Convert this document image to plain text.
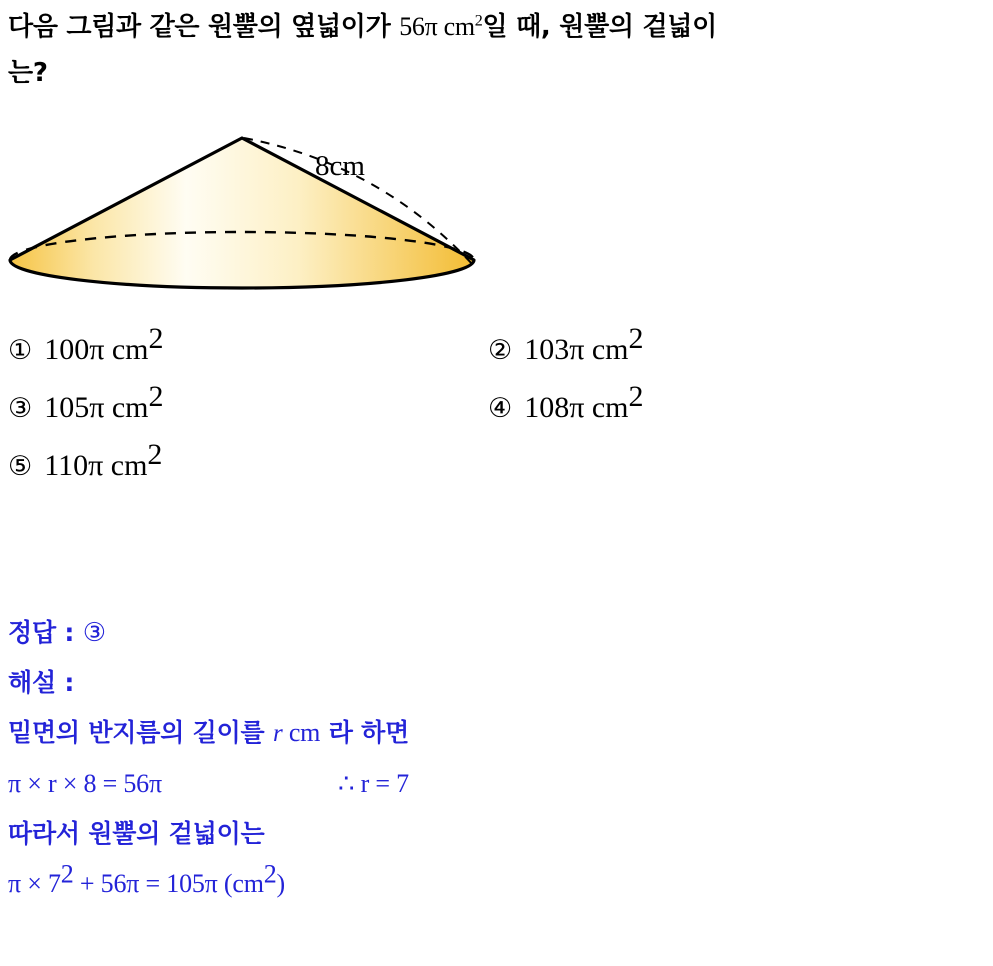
다음 그림과 같은 원뿔의 옆넓이가 56π $cm^2$일 때, 원뿔의 겉넓이
는?
8cm
① 100π $cm^2$	② 103π $cm^2$
③ 105π $cm^2$	④ 108π $cm^2$
⑤ 110π $cm^2$
정답 : ③
해설 :
밑면의 반지름의 길이를 r cm 라 하면
π × r × 8 = 56π	∴ r = 7
따라서 원뿔의 겉넓이는
$\pi \times 7^2 + 56\pi = 105\pi$ $(cm^2)$
